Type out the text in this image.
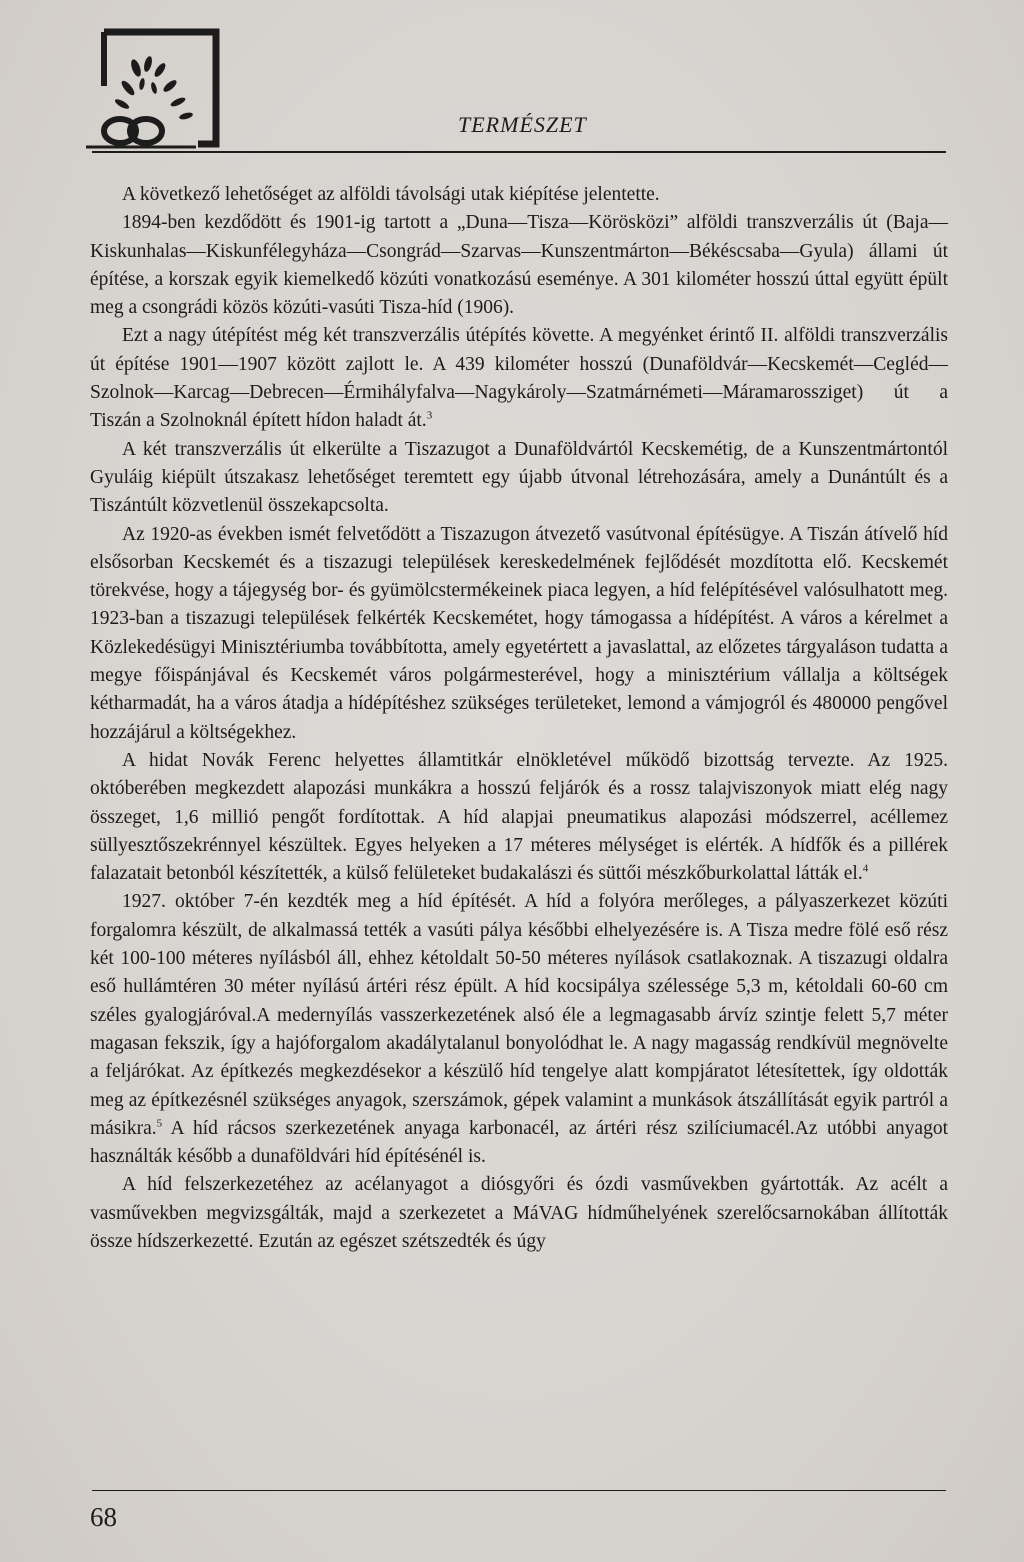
TERMÉSZET

A következő lehetőséget az alföldi távolsági utak kiépítése jelentette.

1894-ben kezdődött és 1901-ig tartott a „Duna—Tisza—Körösközi” alföldi transzverzális út (Baja—Kiskunhalas—Kiskunfélegyháza—Csongrád—Szarvas—Kunszentmárton—Békéscsaba—Gyula) állami út építése, a korszak egyik kiemelkedő közúti vonatkozású eseménye. A 301 kilométer hosszú úttal együtt épült meg a csongrádi közös közúti-vasúti Tisza-híd (1906).

Ezt a nagy útépítést még két transzverzális útépítés követte. A megyénket érintő II. alföldi transzverzális út építése 1901—1907 között zajlott le. A 439 kilométer hosszú (Dunaföldvár—Kecskemét—Cegléd—Szolnok—Karcag—Debrecen—Érmihályfalva—Nagykároly—Szatmárnémeti—Máramarossziget) út a Tiszán a Szolnoknál épített hídon haladt át.$^3$

A két transzverzális út elkerülte a Tiszazugot a Dunaföldvártól Kecskemétig, de a Kunszentmártontól Gyuláig kiépült útszakasz lehetőséget teremtett egy újabb útvonal létrehozására, amely a Dunántúlt és a Tiszántúlt közvetlenül összekapcsolta.

Az 1920-as években ismét felvetődött a Tiszazugon átvezető vasútvonal építésügye. A Tiszán átívelő híd elsősorban Kecskemét és a tiszazugi települések kereskedelmének fejlődését mozdította elő. Kecskemét törekvése, hogy a tájegység bor- és gyümölcstermékeinek piaca legyen, a híd felépítésével valósulhatott meg. 1923-ban a tiszazugi települések felkérték Kecskemétet, hogy támogassa a hídépítést. A város a kérelmet a Közlekedésügyi Minisztériumba továbbította, amely egyetértett a javaslattal, az előzetes tárgyaláson tudatta a megye főispánjával és Kecskemét város polgármesterével, hogy a minisztérium vállalja a költségek kétharmadát, ha a város átadja a hídépítéshez szükséges területeket, lemond a vámjogról és 480000 pengővel hozzájárul a költségekhez.

A hidat Novák Ferenc helyettes államtitkár elnökletével működő bizottság tervezte. Az 1925. októberében megkezdett alapozási munkákra a hosszú feljárók és a rossz talajviszonyok miatt elég nagy összeget, 1,6 millió pengőt fordítottak. A híd alapjai pneumatikus alapozási módszerrel, acéllemez süllyesztőszekrénnyel készültek. Egyes helyeken a 17 méteres mélységet is elérték. A hídfők és a pillérek falazatait betonból készítették, a külső felületeket budakalászi és süttői mészkőburkolattal látták el.$^4$

1927. október 7-én kezdték meg a híd építését. A híd a folyóra merőleges, a pályaszerkezet közúti forgalomra készült, de alkalmassá tették a vasúti pálya későbbi elhelyezésére is. A Tisza medre fölé eső rész két 100-100 méteres nyílásból áll, ehhez kétoldalt 50-50 méteres nyílások csatlakoznak. A tiszazugi oldalra eső hullámtéren 30 méter nyílású ártéri rész épült. A híd kocsipálya szélessége 5,3 m, kétoldali 60-60 cm széles gyalogjáróval.A medernyílás vasszerkezetének alsó éle a legmagasabb árvíz szintje felett 5,7 méter magasan fekszik, így a hajóforgalom akadálytalanul bonyolódhat le. A nagy magasság rendkívül megnövelte a feljárókat. Az építkezés megkezdésekor a készülő híd tengelye alatt kompjáratot létesítettek, így oldották meg az építkezésnél szükséges anyagok, szerszámok, gépek valamint a munkások átszállítását egyik partról a másikra.$^5$ A híd rácsos szerkezetének anyaga karbonacél, az ártéri rész szilíciumacél.Az utóbbi anyagot használták később a dunaföldvári híd építésénél is.

A híd felszerkezetéhez az acélanyagot a diósgyőri és ózdi vasművekben gyártották. Az acélt a vasművekben megvizsgálták, majd a szerkezetet a MáVAG hídműhelyének szerelőcsarnokában állították össze hídszerkezetté. Ezután az egészet szétszedték és úgy

68
